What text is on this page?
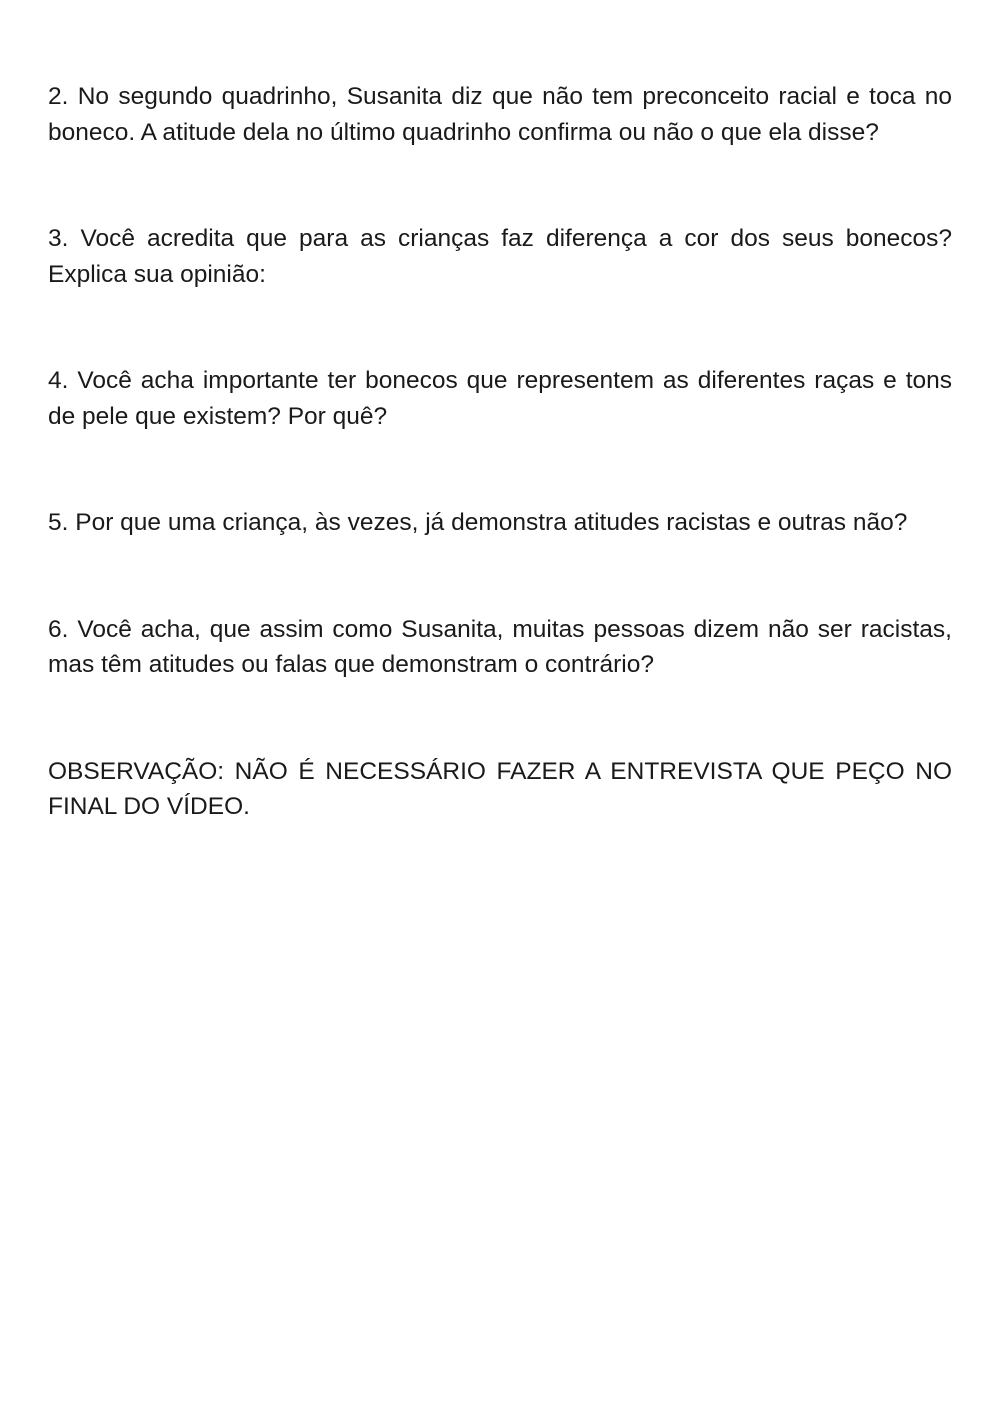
2. No segundo quadrinho, Susanita diz que não tem preconceito racial e toca no boneco. A atitude dela no último quadrinho confirma ou não o que ela disse?

3. Você acredita que para as crianças faz diferença a cor dos seus bonecos? Explica sua opinião:

4. Você acha importante ter bonecos que representem as diferentes raças e tons de pele que existem? Por quê?

5. Por que uma criança, às vezes, já demonstra atitudes racistas e outras não?

6. Você acha, que assim como Susanita, muitas pessoas dizem não ser racistas, mas têm atitudes ou falas que demonstram o contrário?

OBSERVAÇÃO: NÃO É NECESSÁRIO FAZER A ENTREVISTA QUE PEÇO NO FINAL DO VÍDEO.
